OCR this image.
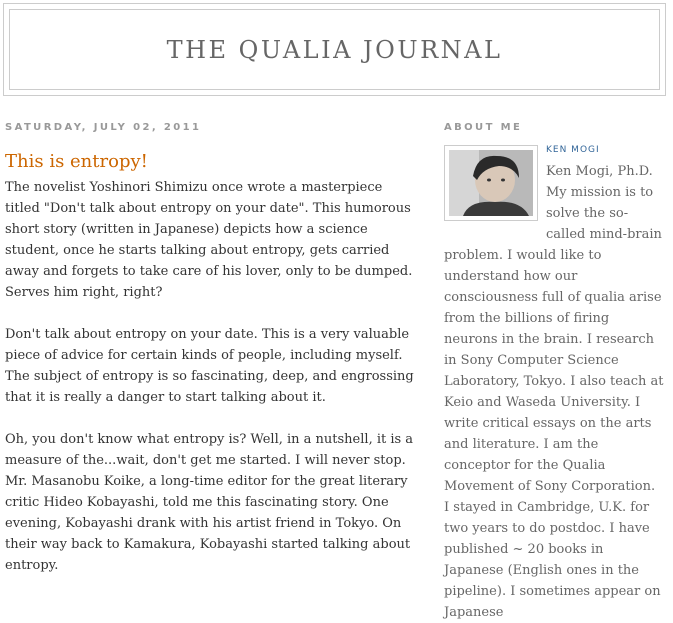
THE QUALIA JOURNAL
SATURDAY, JULY 02, 2011
This is entropy!

The novelist Yoshinori Shimizu once wrote a masterpiece titled "Don't talk about entropy on your date". This humorous short story (written in Japanese) depicts how a science student, once he starts talking about entropy, gets carried away and forgets to take care of his lover, only to be dumped. Serves him right, right?

Don't talk about entropy on your date. This is a very valuable piece of advice for certain kinds of people, including myself. The subject of entropy is so fascinating, deep, and engrossing that it is really a danger to start talking about it.

Oh, you don't know what entropy is? Well, in a nutshell, it is a measure of the...wait, don't get me started. I will never stop. Mr. Masanobu Koike, a long-time editor for the great literary critic Hideo Kobayashi, told me this fascinating story. One evening, Kobayashi drank with his artist friend in Tokyo. On their way back to Kamakura, Kobayashi started talking about entropy.

ABOUT ME
KEN MOGI
Ken Mogi, Ph.D. My mission is to solve the so-called mind-brain problem. I would like to understand how our consciousness full of qualia arise from the billions of firing neurons in the brain. I research in Sony Computer Science Laboratory, Tokyo. I also teach at Keio and Waseda University. I write critical essays on the arts and literature. I am the conceptor for the Qualia Movement of Sony Corporation. I stayed in Cambridge, U.K. for two years to do postdoc. I have published ~ 20 books in Japanese (English ones in the pipeline). I sometimes appear on Japanese
